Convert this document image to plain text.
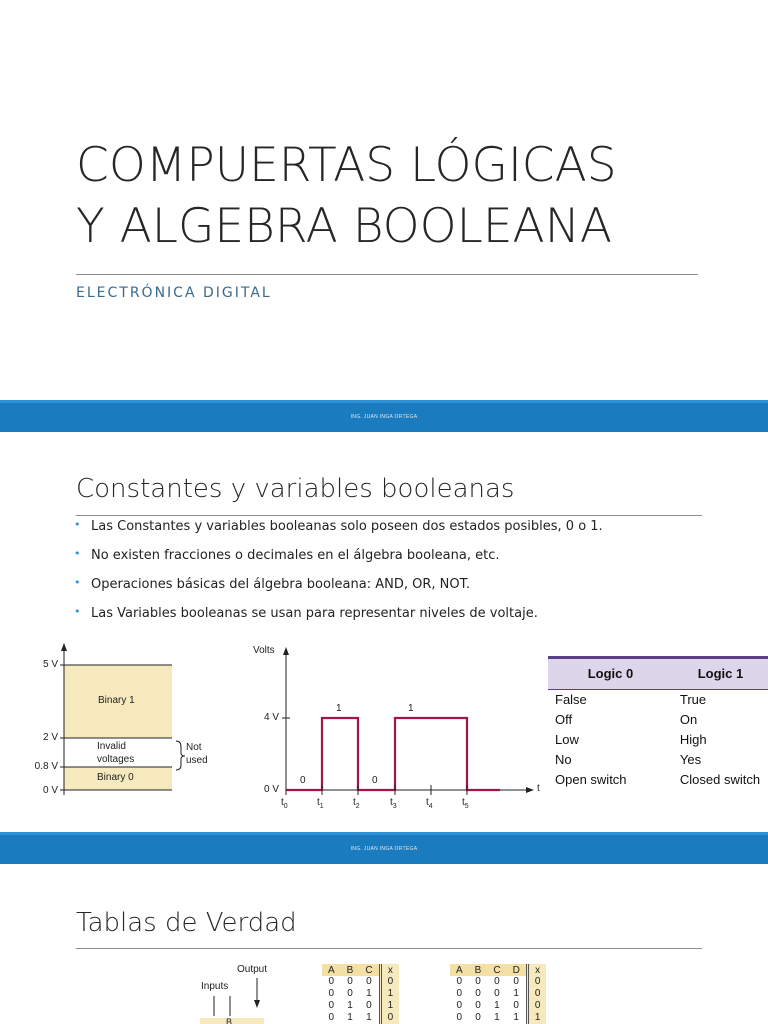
COMPUERTAS LÓGICAS
Y ALGEBRA BOOLEANA
ELECTRÓNICA DIGITAL
ING. JUAN INGA ORTEGA
Constantes y variables booleanas
• Las Constantes y variables booleanas solo poseen dos estados posibles, 0 o 1.
• No existen fracciones o decimales en el álgebra booleana, etc.
• Operaciones básicas del álgebra booleana: AND, OR, NOT.
• Las Variables booleanas se usan para representar niveles de voltaje.
5 V
2 V
0.8 V
0 V
Binary 1
Invalid
voltages
Binary 0
Not
used
Volts
t
4 V
0 V
$t_0$	$t_1$	$t_2$	$t_3$	$t_4$	$t_5$
0
1
0
1
Logic 0	Logic 1
False	True
Off	On
Low	High
No	Yes
Open switch	Closed switch
ING. JUAN INGA ORTEGA
Tablas de Verdad
Output
Inputs
B
A	B	C	x
0	0	0	0
0	0	1	1
0	1	0	1
0	1	1	0
A	B	C	D	x
0	0	0	0	0
0	0	0	1	0
0	0	1	0	0
0	0	1	1	1
